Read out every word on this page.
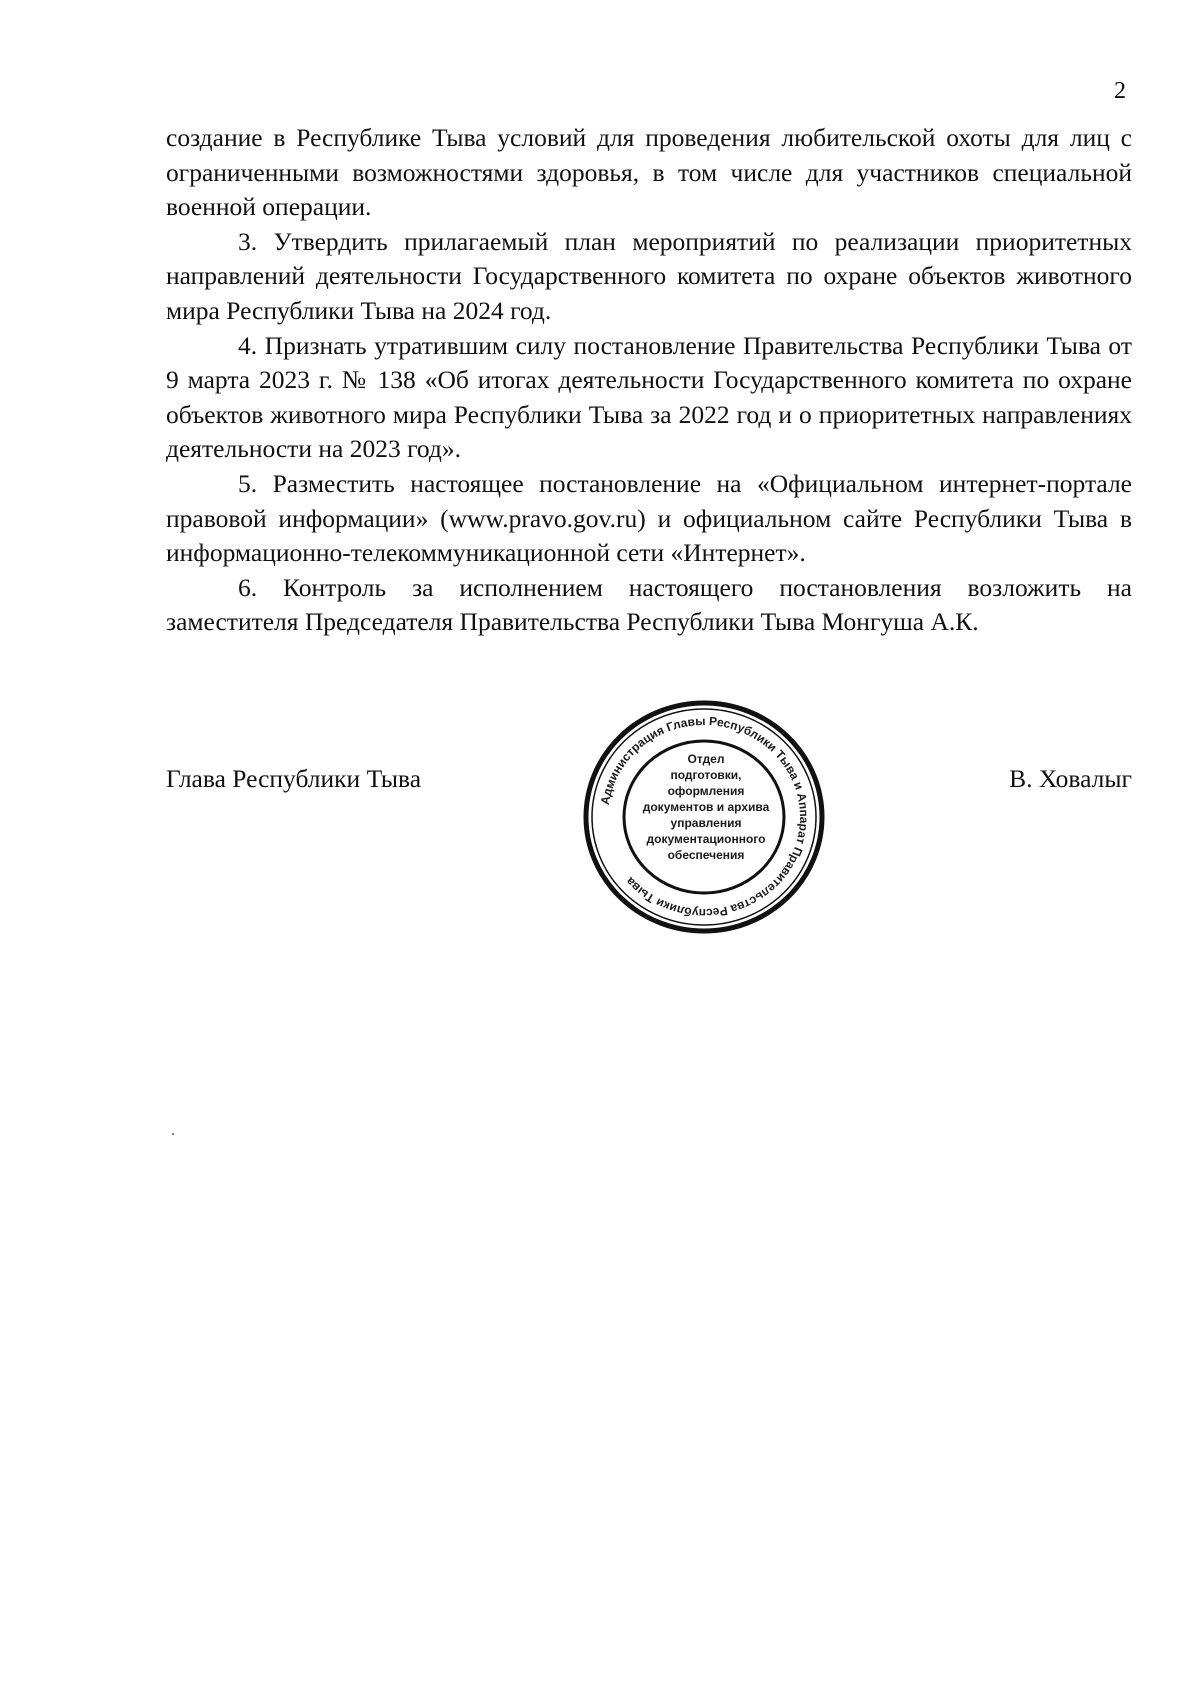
2

создание в Республике Тыва условий для проведения любительской охоты для лиц с ограниченными возможностями здоровья, в том числе для участников специальной военной операции.

3. Утвердить прилагаемый план мероприятий по реализации приоритетных направлений деятельности Государственного комитета по охране объектов животного мира Республики Тыва на 2024 год.

4. Признать утратившим силу постановление Правительства Республики Тыва от 9 марта 2023 г. № 138 «Об итогах деятельности Государственного комитета по охране объектов животного мира Республики Тыва за 2022 год и о приоритетных направлениях деятельности на 2023 год».

5. Разместить настоящее постановление на «Официальном интернет-портале правовой информации» (www.pravo.gov.ru) и официальном сайте Республики Тыва в информационно-телекоммуникационной сети «Интернет».

6. Контроль за исполнением настоящего постановления возложить на заместителя Председателя Правительства Республики Тыва Монгуша А.К.

Глава Республики Тыва	В. Ховалыг
Администрация Главы Республики Тыва и Аппарат Правительства Республики Тыва
Отдел
подготовки,
оформления
документов и архива
управления
документационного
обеспечения
